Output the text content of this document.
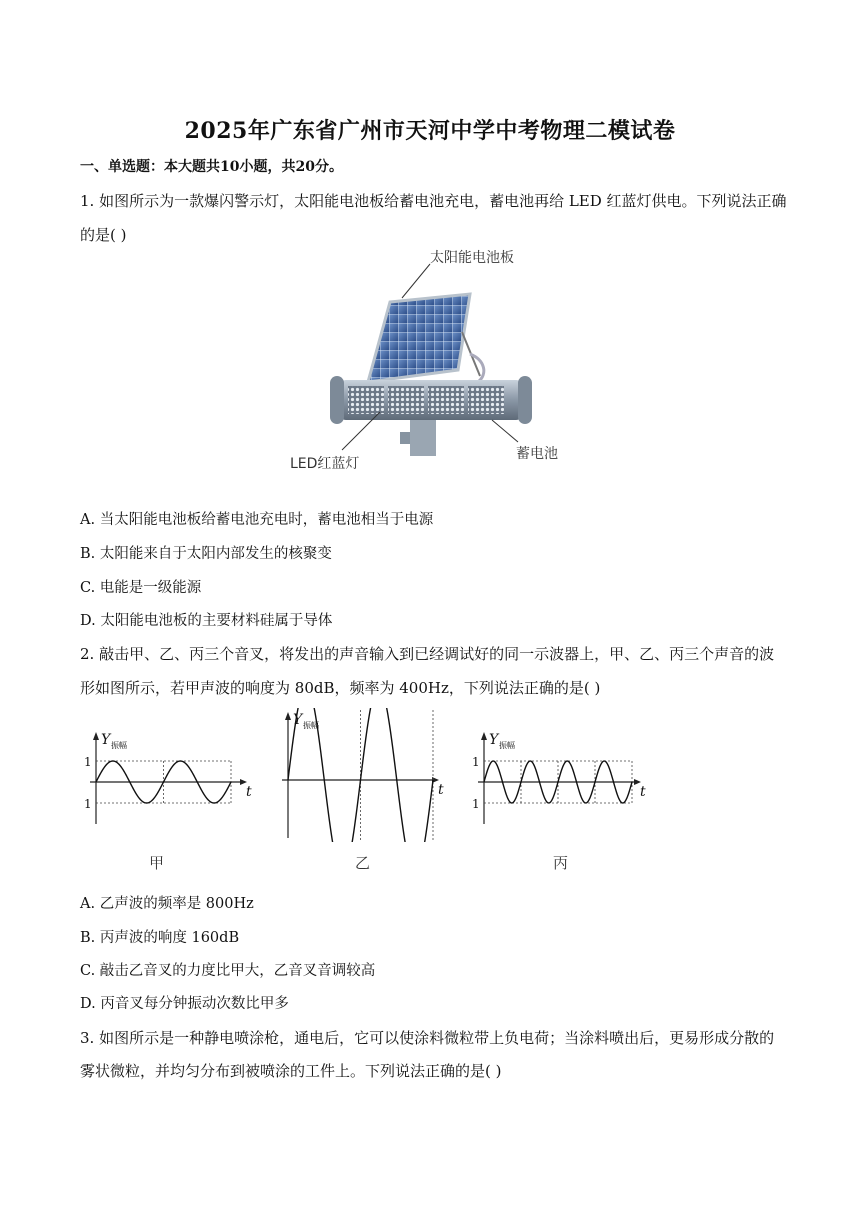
2025年广东省广州市天河中学中考物理二模试卷
一、单选题：本大题共10小题，共20分。
1. 如图所示为一款爆闪警示灯，太阳能电池板给蓄电池充电，蓄电池再给 LED 红蓝灯供电。下列说法正确
的是( )
太阳能电池板
LED红蓝灯
蓄电池
A. 当太阳能电池板给蓄电池充电时，蓄电池相当于电源
B. 太阳能来自于太阳内部发生的核聚变
C. 电能是一级能源
D. 太阳能电池板的主要材料硅属于导体
2. 敲击甲、乙、丙三个音叉，将发出的声音输入到已经调试好的同一示波器上，甲、乙、丙三个声音的波
形如图所示，若甲声波的响度为 80dB，频率为 400Hz，下列说法正确的是( )
Y 振幅
t
1
1
Y 振幅
t
Y 振幅
t
1
1
甲	乙	丙
A. 乙声波的频率是 800Hz
B. 丙声波的响度 160dB
C. 敲击乙音叉的力度比甲大，乙音叉音调较高
D. 丙音叉每分钟振动次数比甲多
3. 如图所示是一种静电喷涂枪，通电后，它可以使涂料微粒带上负电荷；当涂料喷出后，更易形成分散的
雾状微粒，并均匀分布到被喷涂的工件上。下列说法正确的是( )
